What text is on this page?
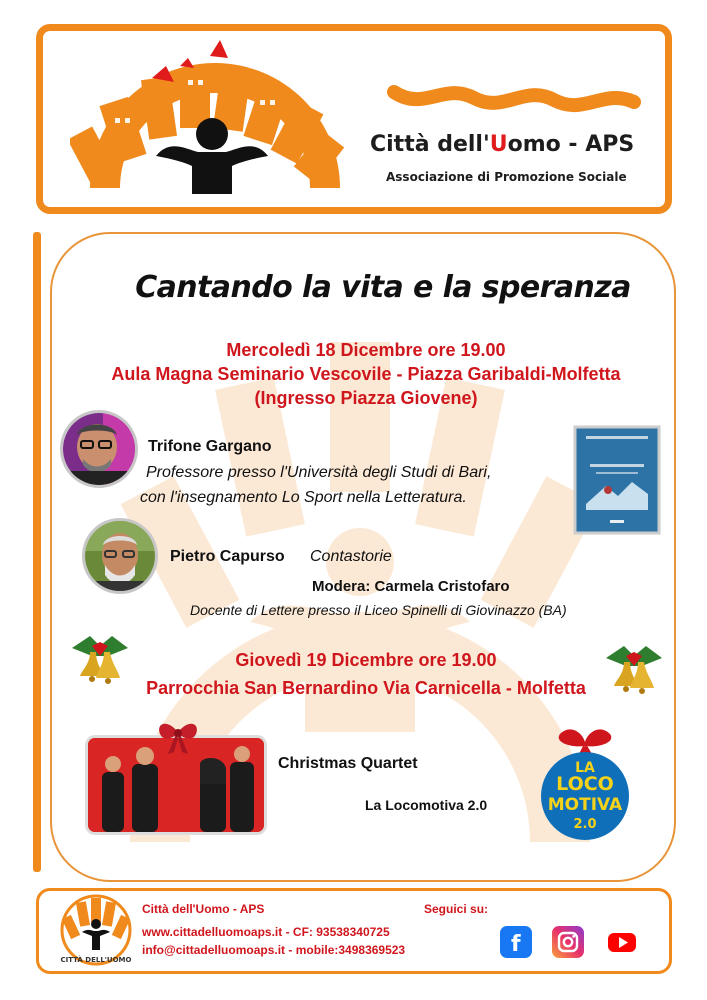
Città dell'Uomo - APS
Associazione di Promozione Sociale
Cantando la vita e la speranza
Mercoledì 18 Dicembre ore 19.00
Aula Magna Seminario Vescovile - Piazza Garibaldi-Molfetta
(Ingresso Piazza Giovene)
Trifone Gargano
Professore presso l'Università degli Studi di Bari,
con l'insegnamento Lo Sport nella Letteratura.
Pietro Capurso Contastorie
Modera: Carmela Cristofaro
Docente di Lettere presso il Liceo Spinelli di Giovinazzo (BA)
Giovedì 19 Dicembre ore 19.00
Parrocchia San Bernardino Via Carnicella - Molfetta
Christmas Quartet
La Locomotiva 2.0
LA
LOCO
MOTIVA
2.0
CITTÀ DELL'UOMO
Città dell'Uomo - APS
www.cittadelluomoaps.it - CF: 93538340725
info@cittadelluomoaps.it - mobile:3498369523
Seguici su:
f
